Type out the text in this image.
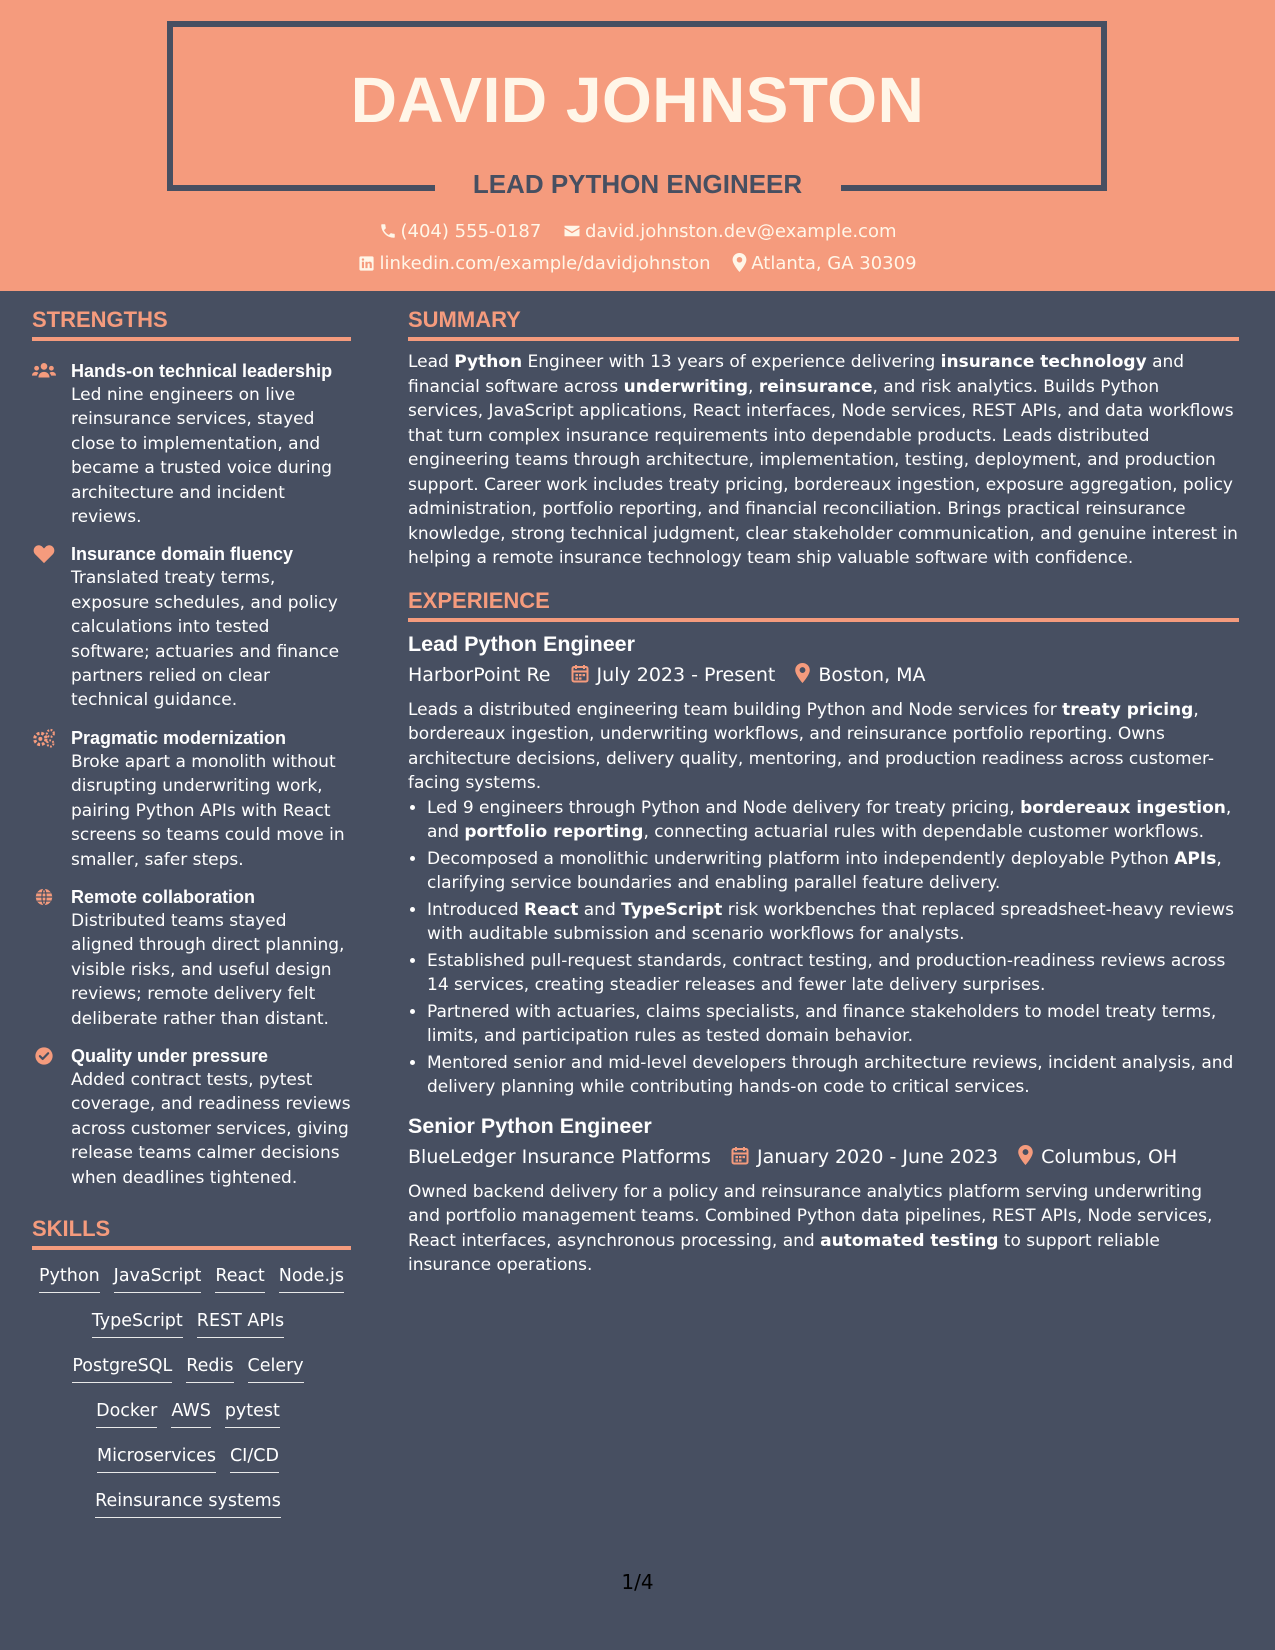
DAVID JOHNSTON
LEAD PYTHON ENGINEER
(404) 555-0187 david.johnston.dev@example.com
linkedin.com/example/davidjohnston Atlanta, GA 30309
STRENGTHS
Hands-on technical leadership
Led nine engineers on live reinsurance services, stayed close to implementation, and became a trusted voice during architecture and incident reviews.
Insurance domain fluency
Translated treaty terms, exposure schedules, and policy calculations into tested software; actuaries and finance partners relied on clear technical guidance.
Pragmatic modernization
Broke apart a monolith without disrupting underwriting work, pairing Python APIs with React screens so teams could move in smaller, safer steps.
Remote collaboration
Distributed teams stayed aligned through direct planning, visible risks, and useful design reviews; remote delivery felt deliberate rather than distant.
Quality under pressure
Added contract tests, pytest coverage, and readiness reviews across customer services, giving release teams calmer decisions when deadlines tightened.
SKILLS
Python JavaScript React Node.js
TypeScript REST APIs
PostgreSQL Redis Celery
Docker AWS pytest
Microservices CI/CD
Reinsurance systems
SUMMARY
Lead Python Engineer with 13 years of experience delivering insurance technology and financial software across underwriting, reinsurance, and risk analytics. Builds Python services, JavaScript applications, React interfaces, Node services, REST APIs, and data workflows that turn complex insurance requirements into dependable products. Leads distributed engineering teams through architecture, implementation, testing, deployment, and production support. Career work includes treaty pricing, bordereaux ingestion, exposure aggregation, policy administration, portfolio reporting, and financial reconciliation. Brings practical reinsurance knowledge, strong technical judgment, clear stakeholder communication, and genuine interest in helping a remote insurance technology team ship valuable software with confidence.
EXPERIENCE
Lead Python Engineer
HarborPoint Re July 2023 - Present Boston, MA
Leads a distributed engineering team building Python and Node services for treaty pricing, bordereaux ingestion, underwriting workflows, and reinsurance portfolio reporting. Owns architecture decisions, delivery quality, mentoring, and production readiness across customer-facing systems.
• Led 9 engineers through Python and Node delivery for treaty pricing, bordereaux ingestion, and portfolio reporting, connecting actuarial rules with dependable customer workflows.
• Decomposed a monolithic underwriting platform into independently deployable Python APIs, clarifying service boundaries and enabling parallel feature delivery.
• Introduced React and TypeScript risk workbenches that replaced spreadsheet-heavy reviews with auditable submission and scenario workflows for analysts.
• Established pull-request standards, contract testing, and production-readiness reviews across 14 services, creating steadier releases and fewer late delivery surprises.
• Partnered with actuaries, claims specialists, and finance stakeholders to model treaty terms, limits, and participation rules as tested domain behavior.
• Mentored senior and mid-level developers through architecture reviews, incident analysis, and delivery planning while contributing hands-on code to critical services.
Senior Python Engineer
BlueLedger Insurance Platforms January 2020 - June 2023 Columbus, OH
Owned backend delivery for a policy and reinsurance analytics platform serving underwriting and portfolio management teams. Combined Python data pipelines, REST APIs, Node services, React interfaces, asynchronous processing, and automated testing to support reliable insurance operations.
1/4
